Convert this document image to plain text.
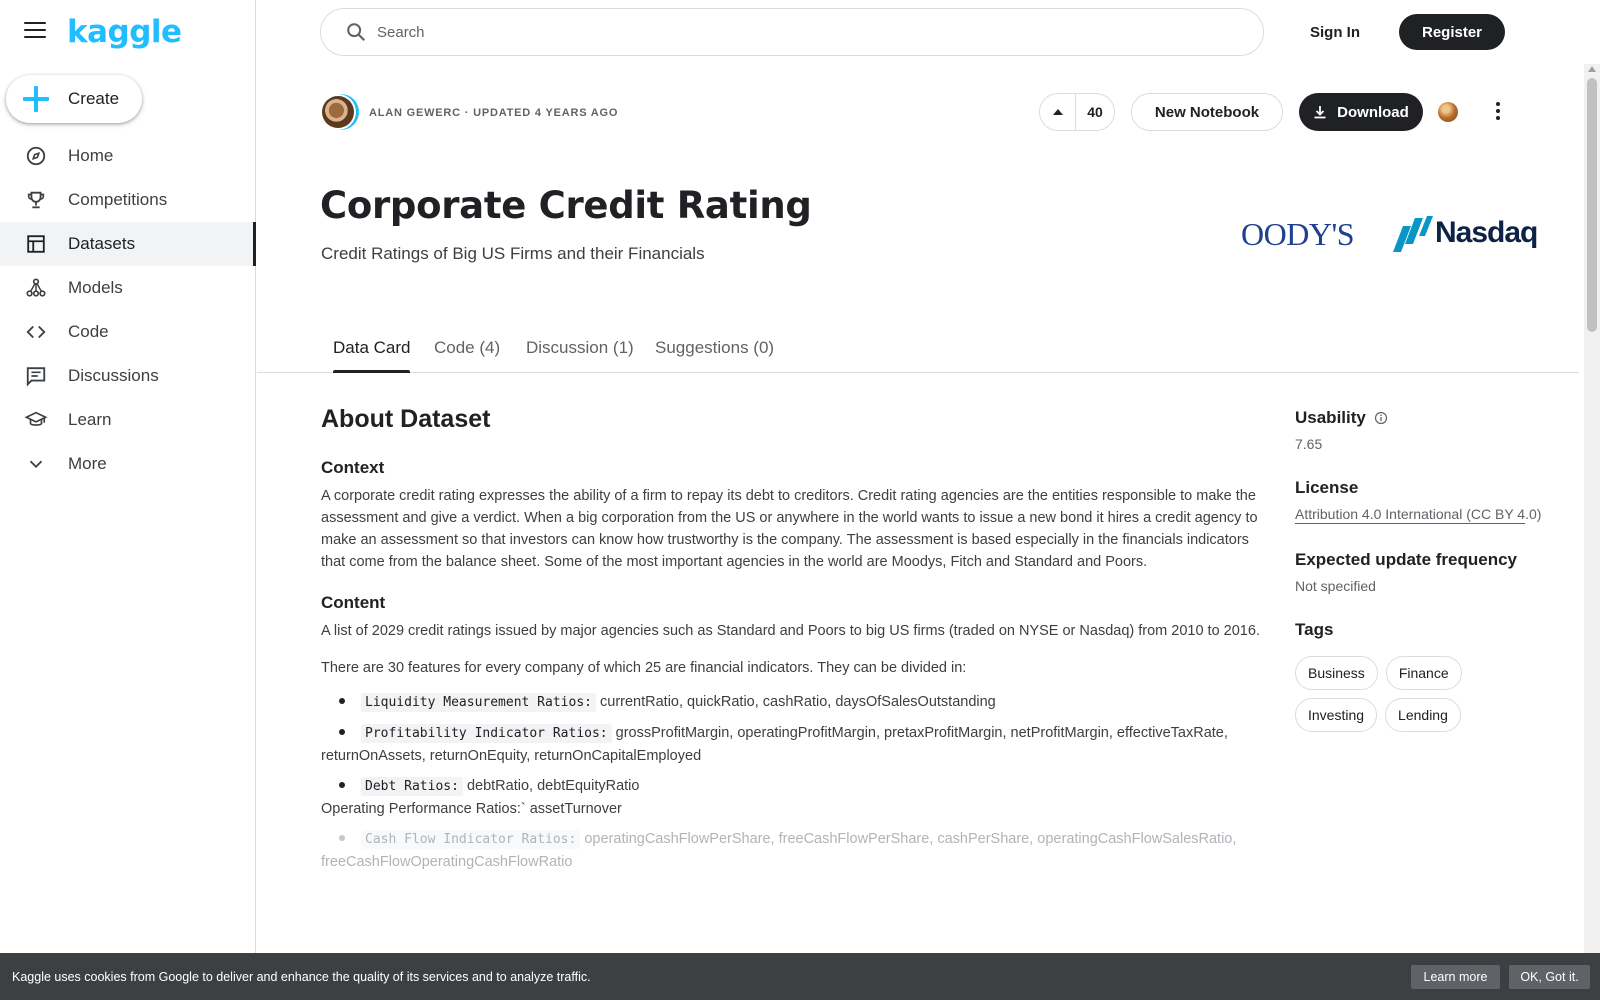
kaggle
Create
Home
Competitions
Datasets
Models
Code
Discussions
Learn
More
Search
Sign In	Register
ALAN GEWERC · UPDATED 4 YEARS AGO	40	New Notebook	Download
Corporate Credit Rating
Credit Ratings of Big US Firms and their Financials
OODY'S	Nasdaq
Data Card Code (4) Discussion (1) Suggestions (0)
About Dataset
Context
A corporate credit rating expresses the ability of a firm to repay its debt to creditors. Credit rating agencies are the entities responsible to make the assessment and give a verdict. When a big corporation from the US or anywhere in the world wants to issue a new bond it hires a credit agency to make an assessment so that investors can know how trustworthy is the company. The assessment is based especially in the financials indicators that come from the balance sheet. Some of the most important agencies in the world are Moodys, Fitch and Standard and Poors.
Content
A list of 2029 credit ratings issued by major agencies such as Standard and Poors to big US firms (traded on NYSE or Nasdaq) from 2010 to 2016.
There are 30 features for every company of which 25 are financial indicators. They can be divided in:
Liquidity Measurement Ratios: currentRatio, quickRatio, cashRatio, daysOfSalesOutstanding
Profitability Indicator Ratios: grossProfitMargin, operatingProfitMargin, pretaxProfitMargin, netProfitMargin, effectiveTaxRate, returnOnAssets, returnOnEquity, returnOnCapitalEmployed
Debt Ratios: debtRatio, debtEquityRatio
Operating Performance Ratios:` assetTurnover
Cash Flow Indicator Ratios: operatingCashFlowPerShare, freeCashFlowPerShare, cashPerShare, operatingCashFlowSalesRatio, freeCashFlowOperatingCashFlowRatio
Usability
7.65
License
Attribution 4.0 International (CC BY 4.0)
Expected update frequency
Not specified
Tags
Business	Finance
Investing	Lending
Kaggle uses cookies from Google to deliver and enhance the quality of its services and to analyze traffic.	Learn more	OK, Got it.
